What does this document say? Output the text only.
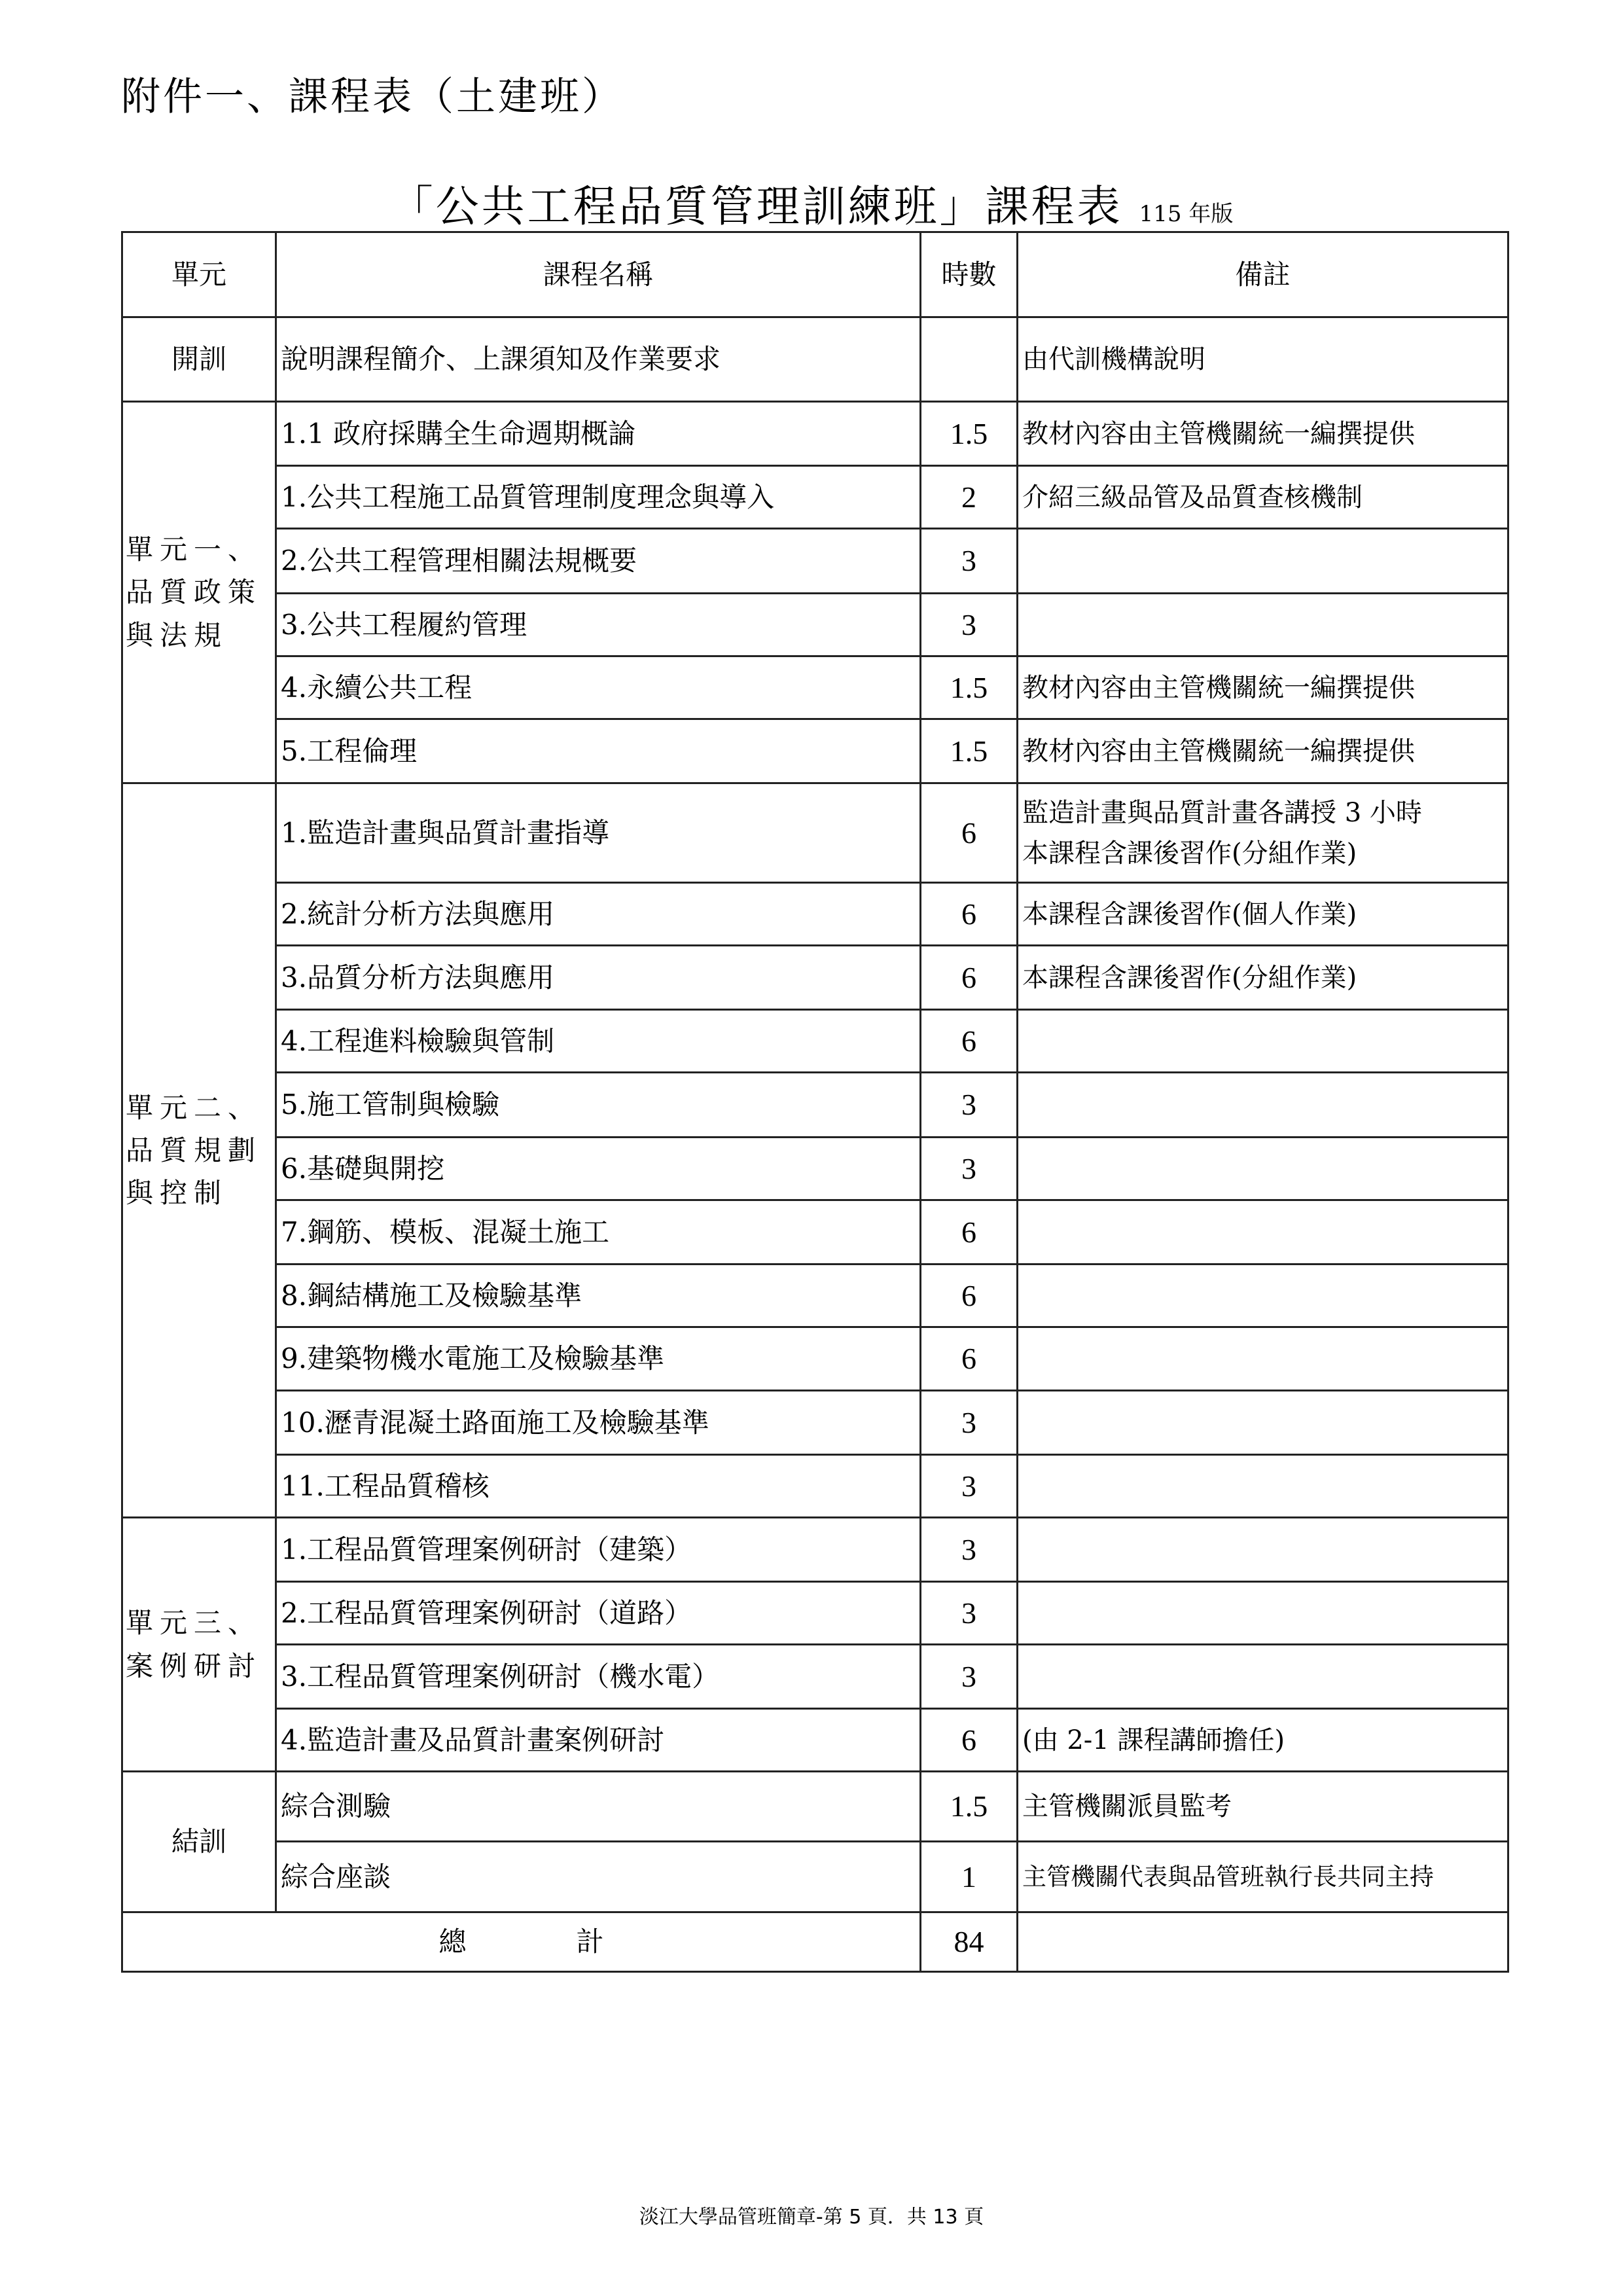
附件一、課程表（土建班）
「公共工程品質管理訓練班」課程表 115 年版
單元	課程名稱	時數	備註
開訓	說明課程簡介、上課須知及作業要求		由代訓機構說明
單元一、品質政策與法規	1.1 政府採購全生命週期概論	1.5	教材內容由主管機關統一編撰提供
	1.公共工程施工品質管理制度理念與導入	2	介紹三級品管及品質查核機制
	2.公共工程管理相關法規概要	3	
	3.公共工程履約管理	3	
	4.永續公共工程	1.5	教材內容由主管機關統一編撰提供
	5.工程倫理	1.5	教材內容由主管機關統一編撰提供
單元二、品質規劃與控制	1.監造計畫與品質計畫指導	6	監造計畫與品質計畫各講授 3 小時
本課程含課後習作(分組作業)
	2.統計分析方法與應用	6	本課程含課後習作(個人作業)
	3.品質分析方法與應用	6	本課程含課後習作(分組作業)
	4.工程進料檢驗與管制	6	
	5.施工管制與檢驗	3	
	6.基礎與開挖	3	
	7.鋼筋、模板、混凝土施工	6	
	8.鋼結構施工及檢驗基準	6	
	9.建築物機水電施工及檢驗基準	6	
	10.瀝青混凝土路面施工及檢驗基準	3	
	11.工程品質稽核	3	
單元三、案例研討	1.工程品質管理案例研討（建築）	3	
	2.工程品質管理案例研討（道路）	3	
	3.工程品質管理案例研討（機水電）	3	
	4.監造計畫及品質計畫案例研討	6	(由 2-1 課程講師擔任)
結訓	綜合測驗	1.5	主管機關派員監考
	綜合座談	1	主管機關代表與品管班執行長共同主持
總　　　　計		84	
淡江大學品管班簡章-第 5 頁．共 13 頁
